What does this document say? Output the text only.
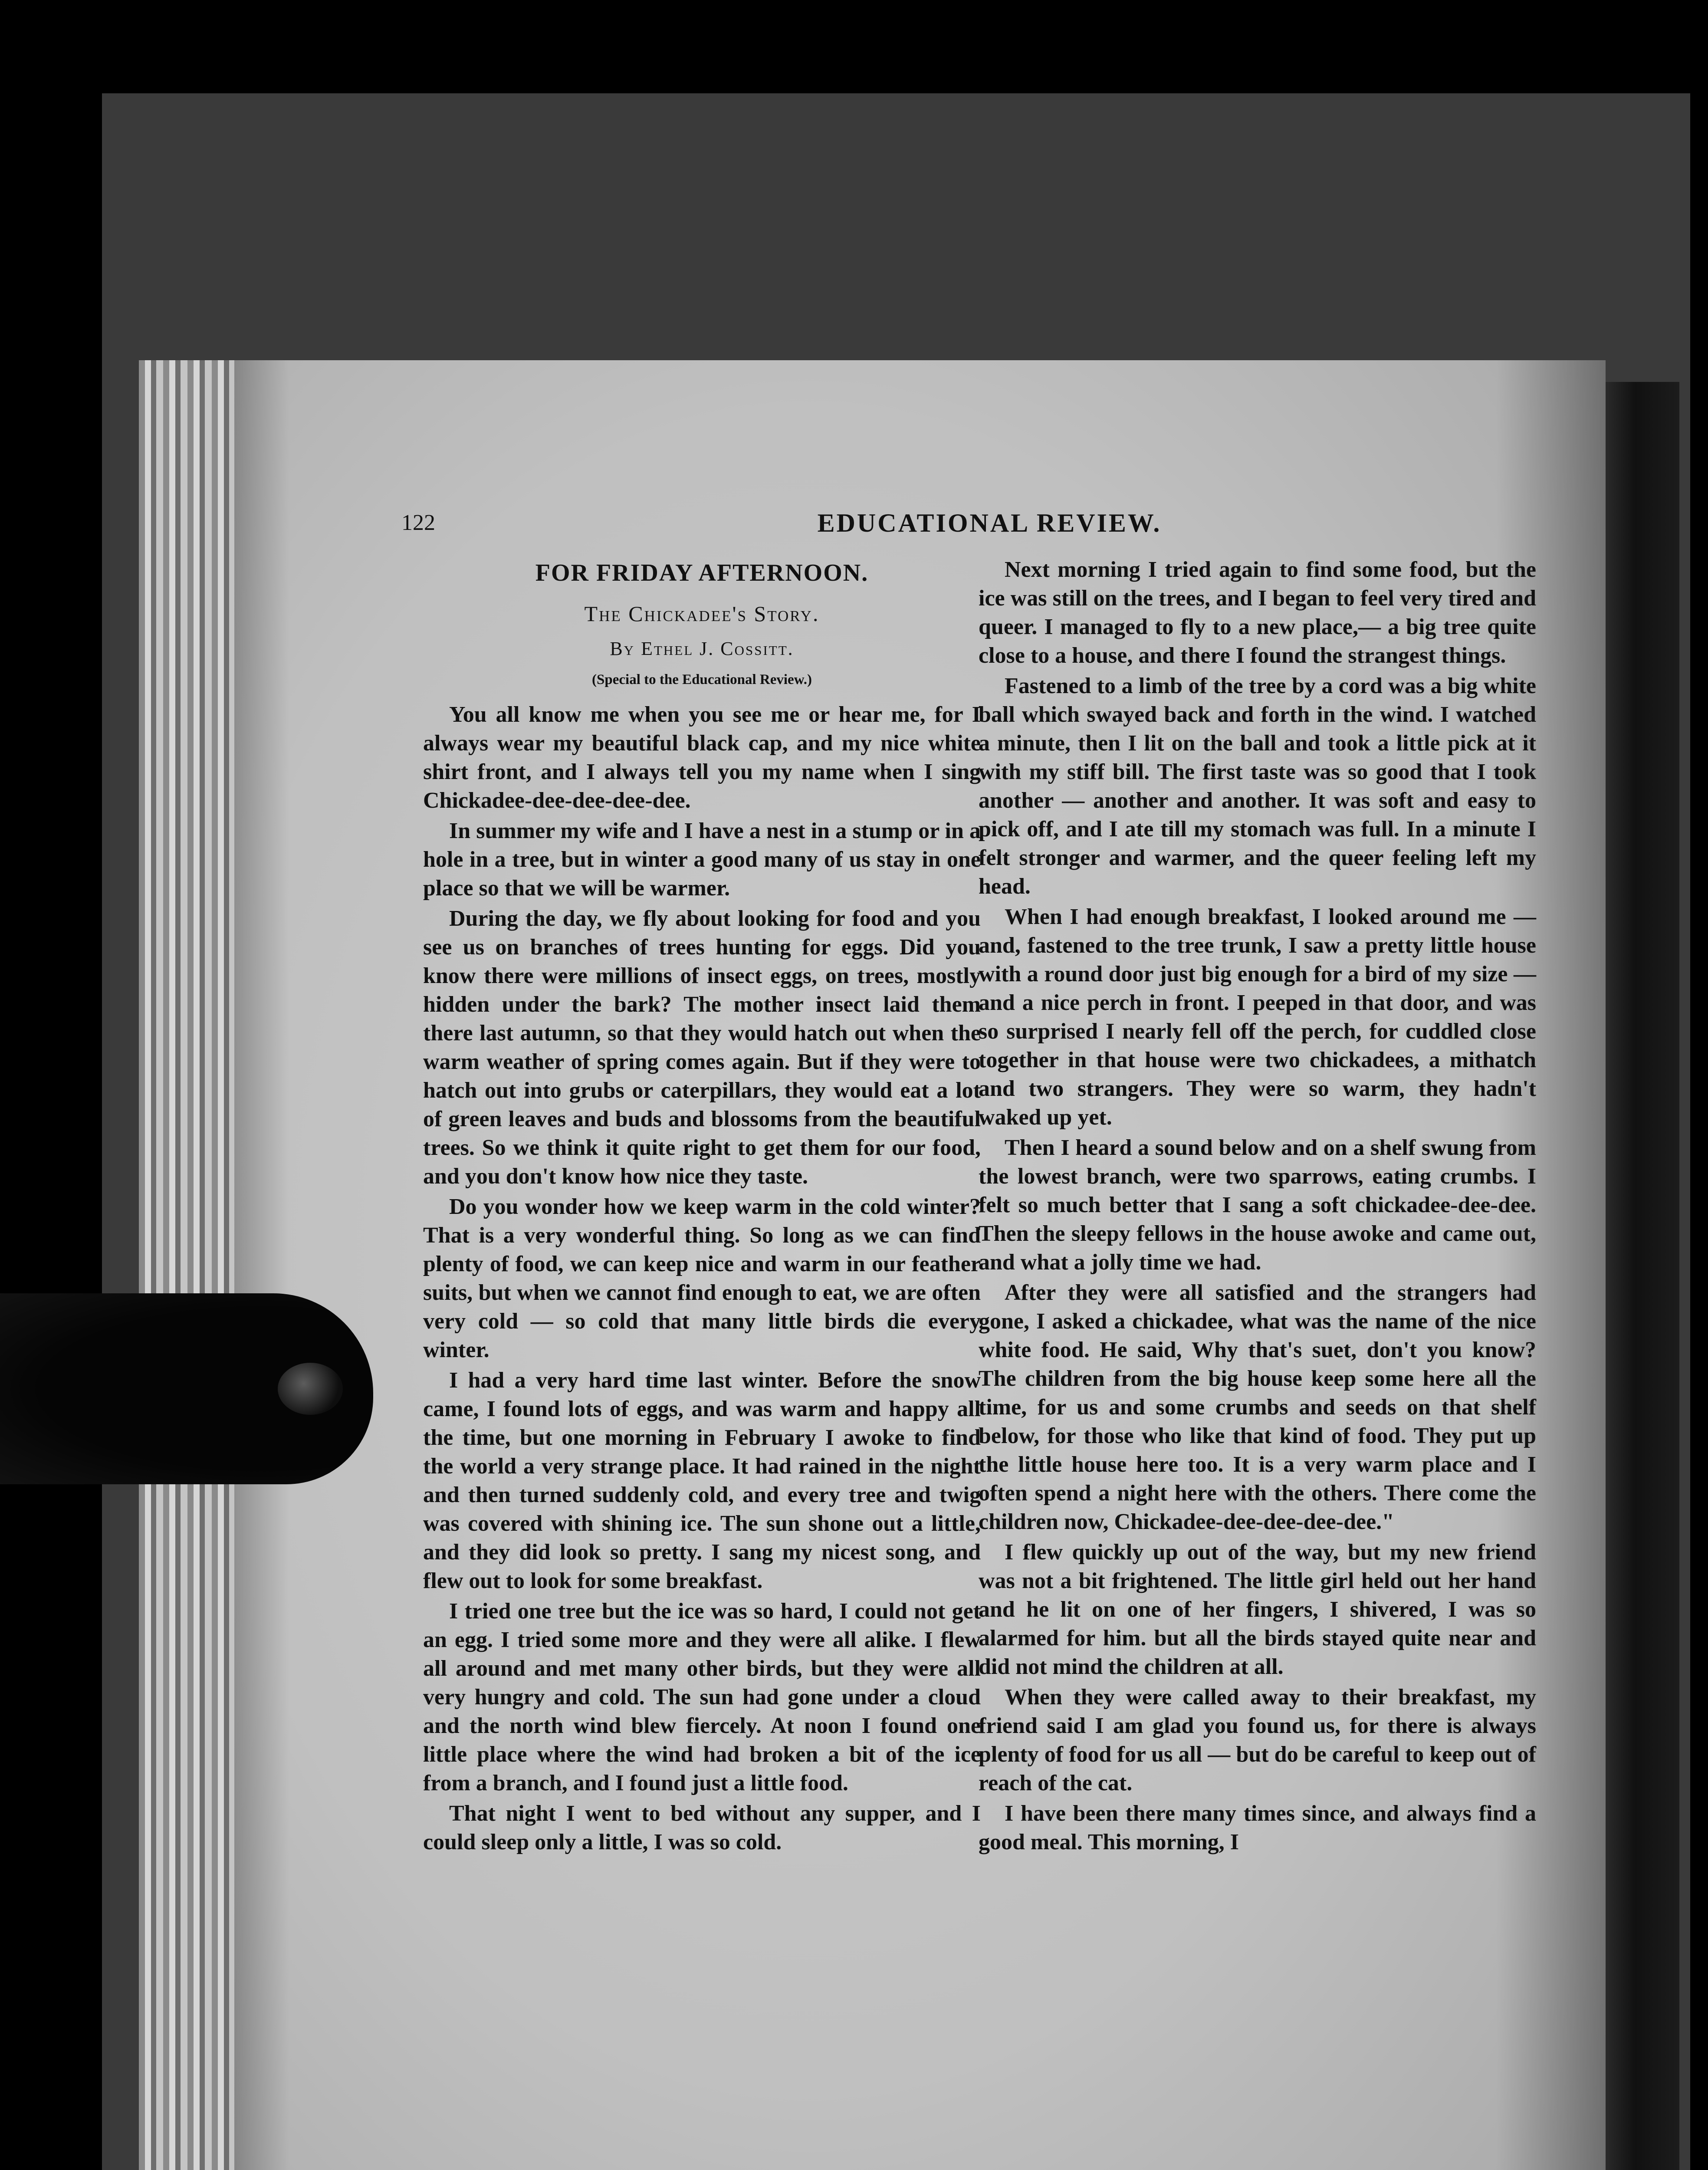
122	EDUCATIONAL REVIEW.
FOR FRIDAY AFTERNOON.
The Chickadee's Story.
By Ethel J. Cossitt.
(Special to the Educational Review.)

You all know me when you see me or hear me, for I always wear my beautiful black cap, and my nice white shirt front, and I always tell you my name when I sing Chickadee-dee-dee-dee-dee.

In summer my wife and I have a nest in a stump or in a hole in a tree, but in winter a good many of us stay in one place so that we will be warmer.

During the day, we fly about looking for food and you see us on branches of trees hunting for eggs. Did you know there were millions of insect eggs, on trees, mostly hidden under the bark? The mother insect laid them there last autumn, so that they would hatch out when the warm weather of spring comes again. But if they were to hatch out into grubs or caterpillars, they would eat a lot of green leaves and buds and blossoms from the beautiful trees. So we think it quite right to get them for our food, and you don't know how nice they taste.

Do you wonder how we keep warm in the cold winter? That is a very wonderful thing. So long as we can find plenty of food, we can keep nice and warm in our feather suits, but when we cannot find enough to eat, we are often very cold — so cold that many little birds die every winter.

I had a very hard time last winter. Before the snow came, I found lots of eggs, and was warm and happy all the time, but one morning in February I awoke to find the world a very strange place. It had rained in the night and then turned suddenly cold, and every tree and twig was covered with shining ice. The sun shone out a little, and they did look so pretty. I sang my nicest song, and flew out to look for some breakfast.

I tried one tree but the ice was so hard, I could not get an egg. I tried some more and they were all alike. I flew all around and met many other birds, but they were all very hungry and cold. The sun had gone under a cloud and the north wind blew fiercely. At noon I found one little place where the wind had broken a bit of the ice from a branch, and I found just a little food.

That night I went to bed without any supper, and I could sleep only a little, I was so cold.

Next morning I tried again to find some food, but the ice was still on the trees, and I began to feel very tired and queer. I managed to fly to a new place,— a big tree quite close to a house, and there I found the strangest things.

Fastened to a limb of the tree by a cord was a big white ball which swayed back and forth in the wind. I watched a minute, then I lit on the ball and took a little pick at it with my stiff bill. The first taste was so good that I took another — another and another. It was soft and easy to pick off, and I ate till my stomach was full. In a minute I felt stronger and warmer, and the queer feeling left my head.

When I had enough breakfast, I looked around me — and, fastened to the tree trunk, I saw a pretty little house with a round door just big enough for a bird of my size — and a nice perch in front. I peeped in that door, and was so surprised I nearly fell off the perch, for cuddled close together in that house were two chickadees, a mithatch and two strangers. They were so warm, they hadn't waked up yet.

Then I heard a sound below and on a shelf swung from the lowest branch, were two sparrows, eating crumbs. I felt so much better that I sang a soft chickadee-dee-dee. Then the sleepy fellows in the house awoke and came out, and what a jolly time we had.

After they were all satisfied and the strangers had gone, I asked a chickadee, what was the name of the nice white food. He said, Why that's suet, don't you know? The children from the big house keep some here all the time, for us and some crumbs and seeds on that shelf below, for those who like that kind of food. They put up the little house here too. It is a very warm place and I often spend a night here with the others. There come the children now, Chickadee-dee-dee-dee-dee."

I flew quickly up out of the way, but my new friend was not a bit frightened. The little girl held out her hand and he lit on one of her fingers, I shivered, I was so alarmed for him. but all the birds stayed quite near and did not mind the children at all.

When they were called away to their breakfast, my friend said I am glad you found us, for there is always plenty of food for us all — but do be careful to keep out of reach of the cat.

I have been there many times since, and always find a good meal. This morning, I
